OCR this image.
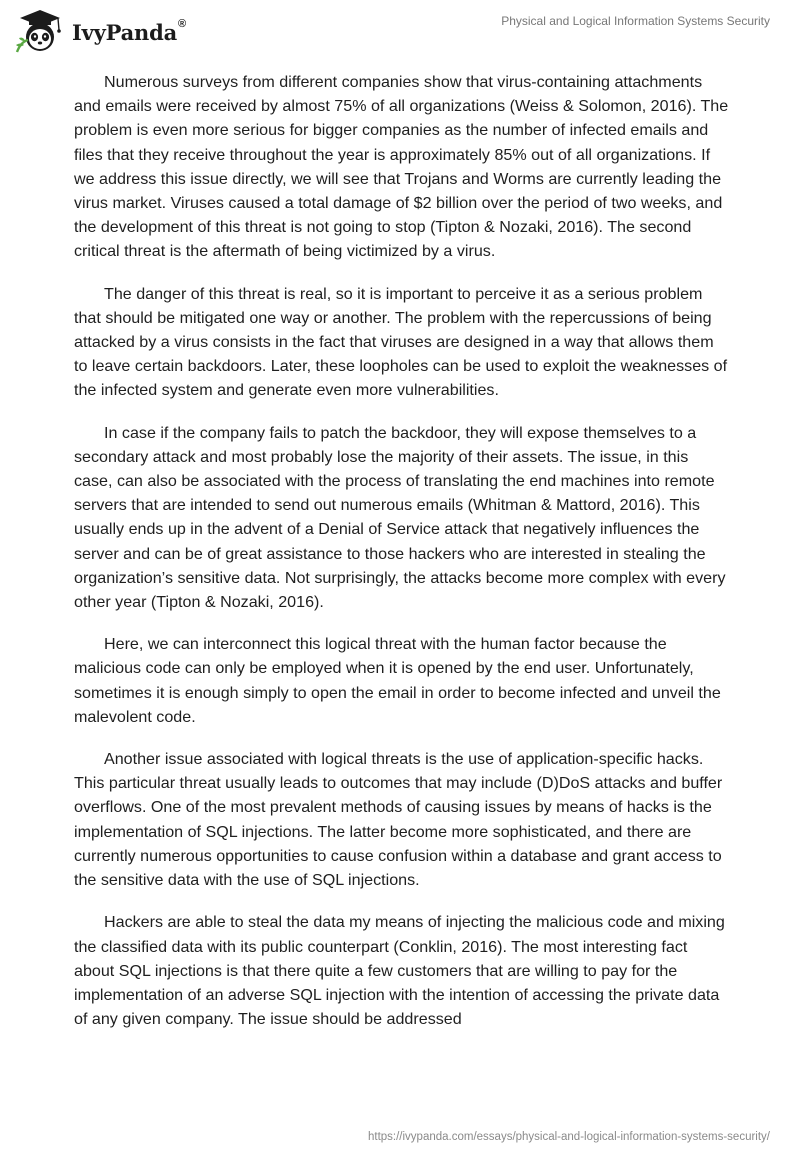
IvyPanda®	Physical and Logical Information Systems Security

Numerous surveys from different companies show that virus-containing attachments and emails were received by almost 75% of all organizations (Weiss & Solomon, 2016). The problem is even more serious for bigger companies as the number of infected emails and files that they receive throughout the year is approximately 85% out of all organizations. If we address this issue directly, we will see that Trojans and Worms are currently leading the virus market. Viruses caused a total damage of $2 billion over the period of two weeks, and the development of this threat is not going to stop (Tipton & Nozaki, 2016). The second critical threat is the aftermath of being victimized by a virus.

The danger of this threat is real, so it is important to perceive it as a serious problem that should be mitigated one way or another. The problem with the repercussions of being attacked by a virus consists in the fact that viruses are designed in a way that allows them to leave certain backdoors. Later, these loopholes can be used to exploit the weaknesses of the infected system and generate even more vulnerabilities.

In case if the company fails to patch the backdoor, they will expose themselves to a secondary attack and most probably lose the majority of their assets. The issue, in this case, can also be associated with the process of translating the end machines into remote servers that are intended to send out numerous emails (Whitman & Mattord, 2016). This usually ends up in the advent of a Denial of Service attack that negatively influences the server and can be of great assistance to those hackers who are interested in stealing the organization’s sensitive data. Not surprisingly, the attacks become more complex with every other year (Tipton & Nozaki, 2016).

Here, we can interconnect this logical threat with the human factor because the malicious code can only be employed when it is opened by the end user. Unfortunately, sometimes it is enough simply to open the email in order to become infected and unveil the malevolent code.

Another issue associated with logical threats is the use of application-specific hacks. This particular threat usually leads to outcomes that may include (D)DoS attacks and buffer overflows. One of the most prevalent methods of causing issues by means of hacks is the implementation of SQL injections. The latter become more sophisticated, and there are currently numerous opportunities to cause confusion within a database and grant access to the sensitive data with the use of SQL injections.

Hackers are able to steal the data my means of injecting the malicious code and mixing the classified data with its public counterpart (Conklin, 2016). The most interesting fact about SQL injections is that there quite a few customers that are willing to pay for the implementation of an adverse SQL injection with the intention of accessing the private data of any given company. The issue should be addressed

https://ivypanda.com/essays/physical-and-logical-information-systems-security/
